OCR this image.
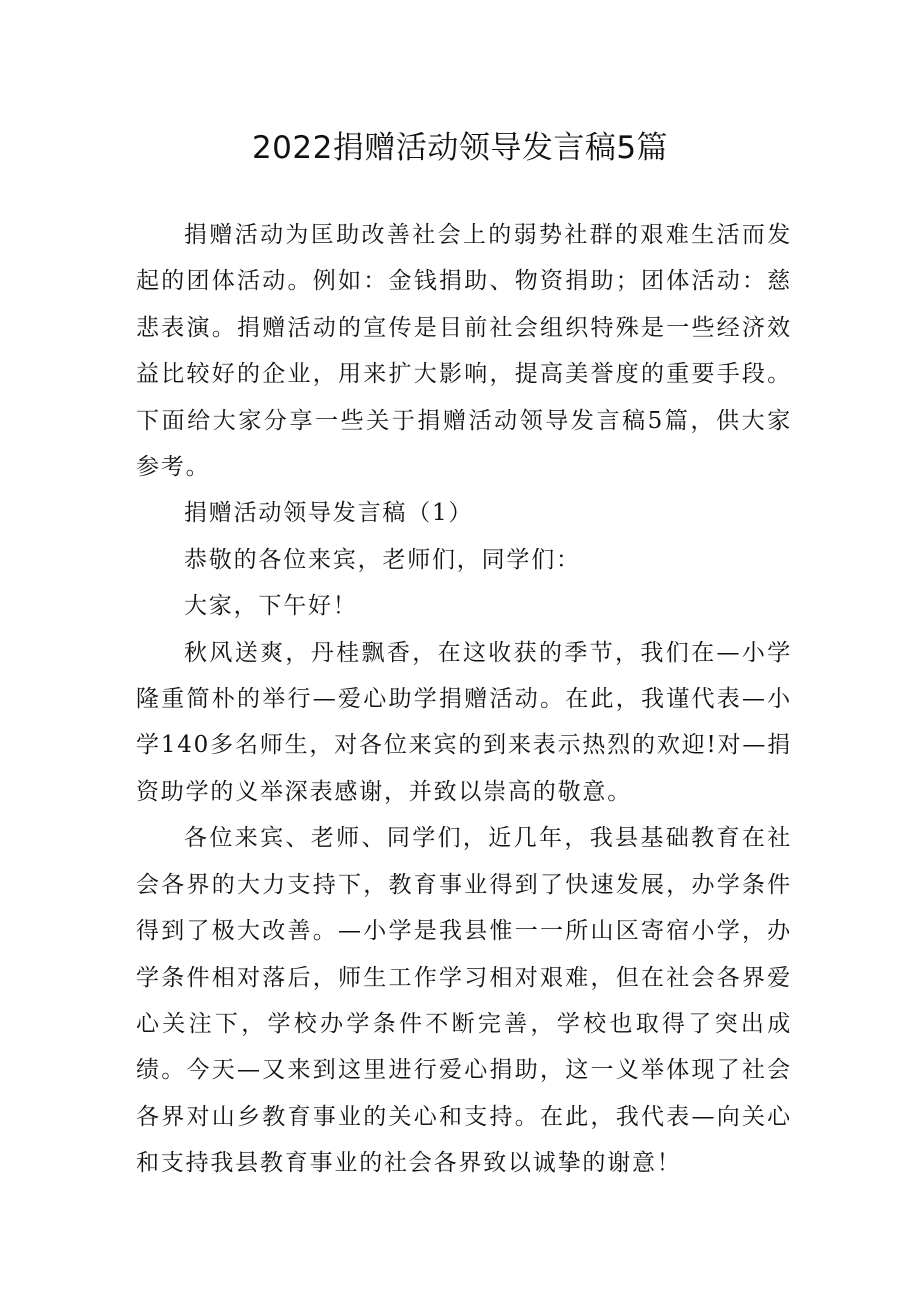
2022捐赠活动领导发言稿5篇

捐赠活动为匡助改善社会上的弱势社群的艰难生活而发起的团体活动。例如：金钱捐助、物资捐助；团体活动：慈悲表演。捐赠活动的宣传是目前社会组织特殊是一些经济效益比较好的企业，用来扩大影响，提高美誉度的重要手段。下面给大家分享一些关于捐赠活动领导发言稿5篇，供大家参考。

捐赠活动领导发言稿（1）

恭敬的各位来宾，老师们，同学们：

大家，下午好！

秋风送爽，丹桂飘香，在这收获的季节，我们在—小学隆重简朴的举行—爱心助学捐赠活动。在此，我谨代表—小学140多名师生，对各位来宾的到来表示热烈的欢迎!对—捐资助学的义举深表感谢，并致以崇高的敬意。

各位来宾、老师、同学们，近几年，我县基础教育在社会各界的大力支持下，教育事业得到了快速发展，办学条件得到了极大改善。—小学是我县惟一一所山区寄宿小学，办学条件相对落后，师生工作学习相对艰难，但在社会各界爱心关注下，学校办学条件不断完善，学校也取得了突出成绩。今天—又来到这里进行爱心捐助，这一义举体现了社会各界对山乡教育事业的关心和支持。在此，我代表—向关心和支持我县教育事业的社会各界致以诚挚的谢意！
